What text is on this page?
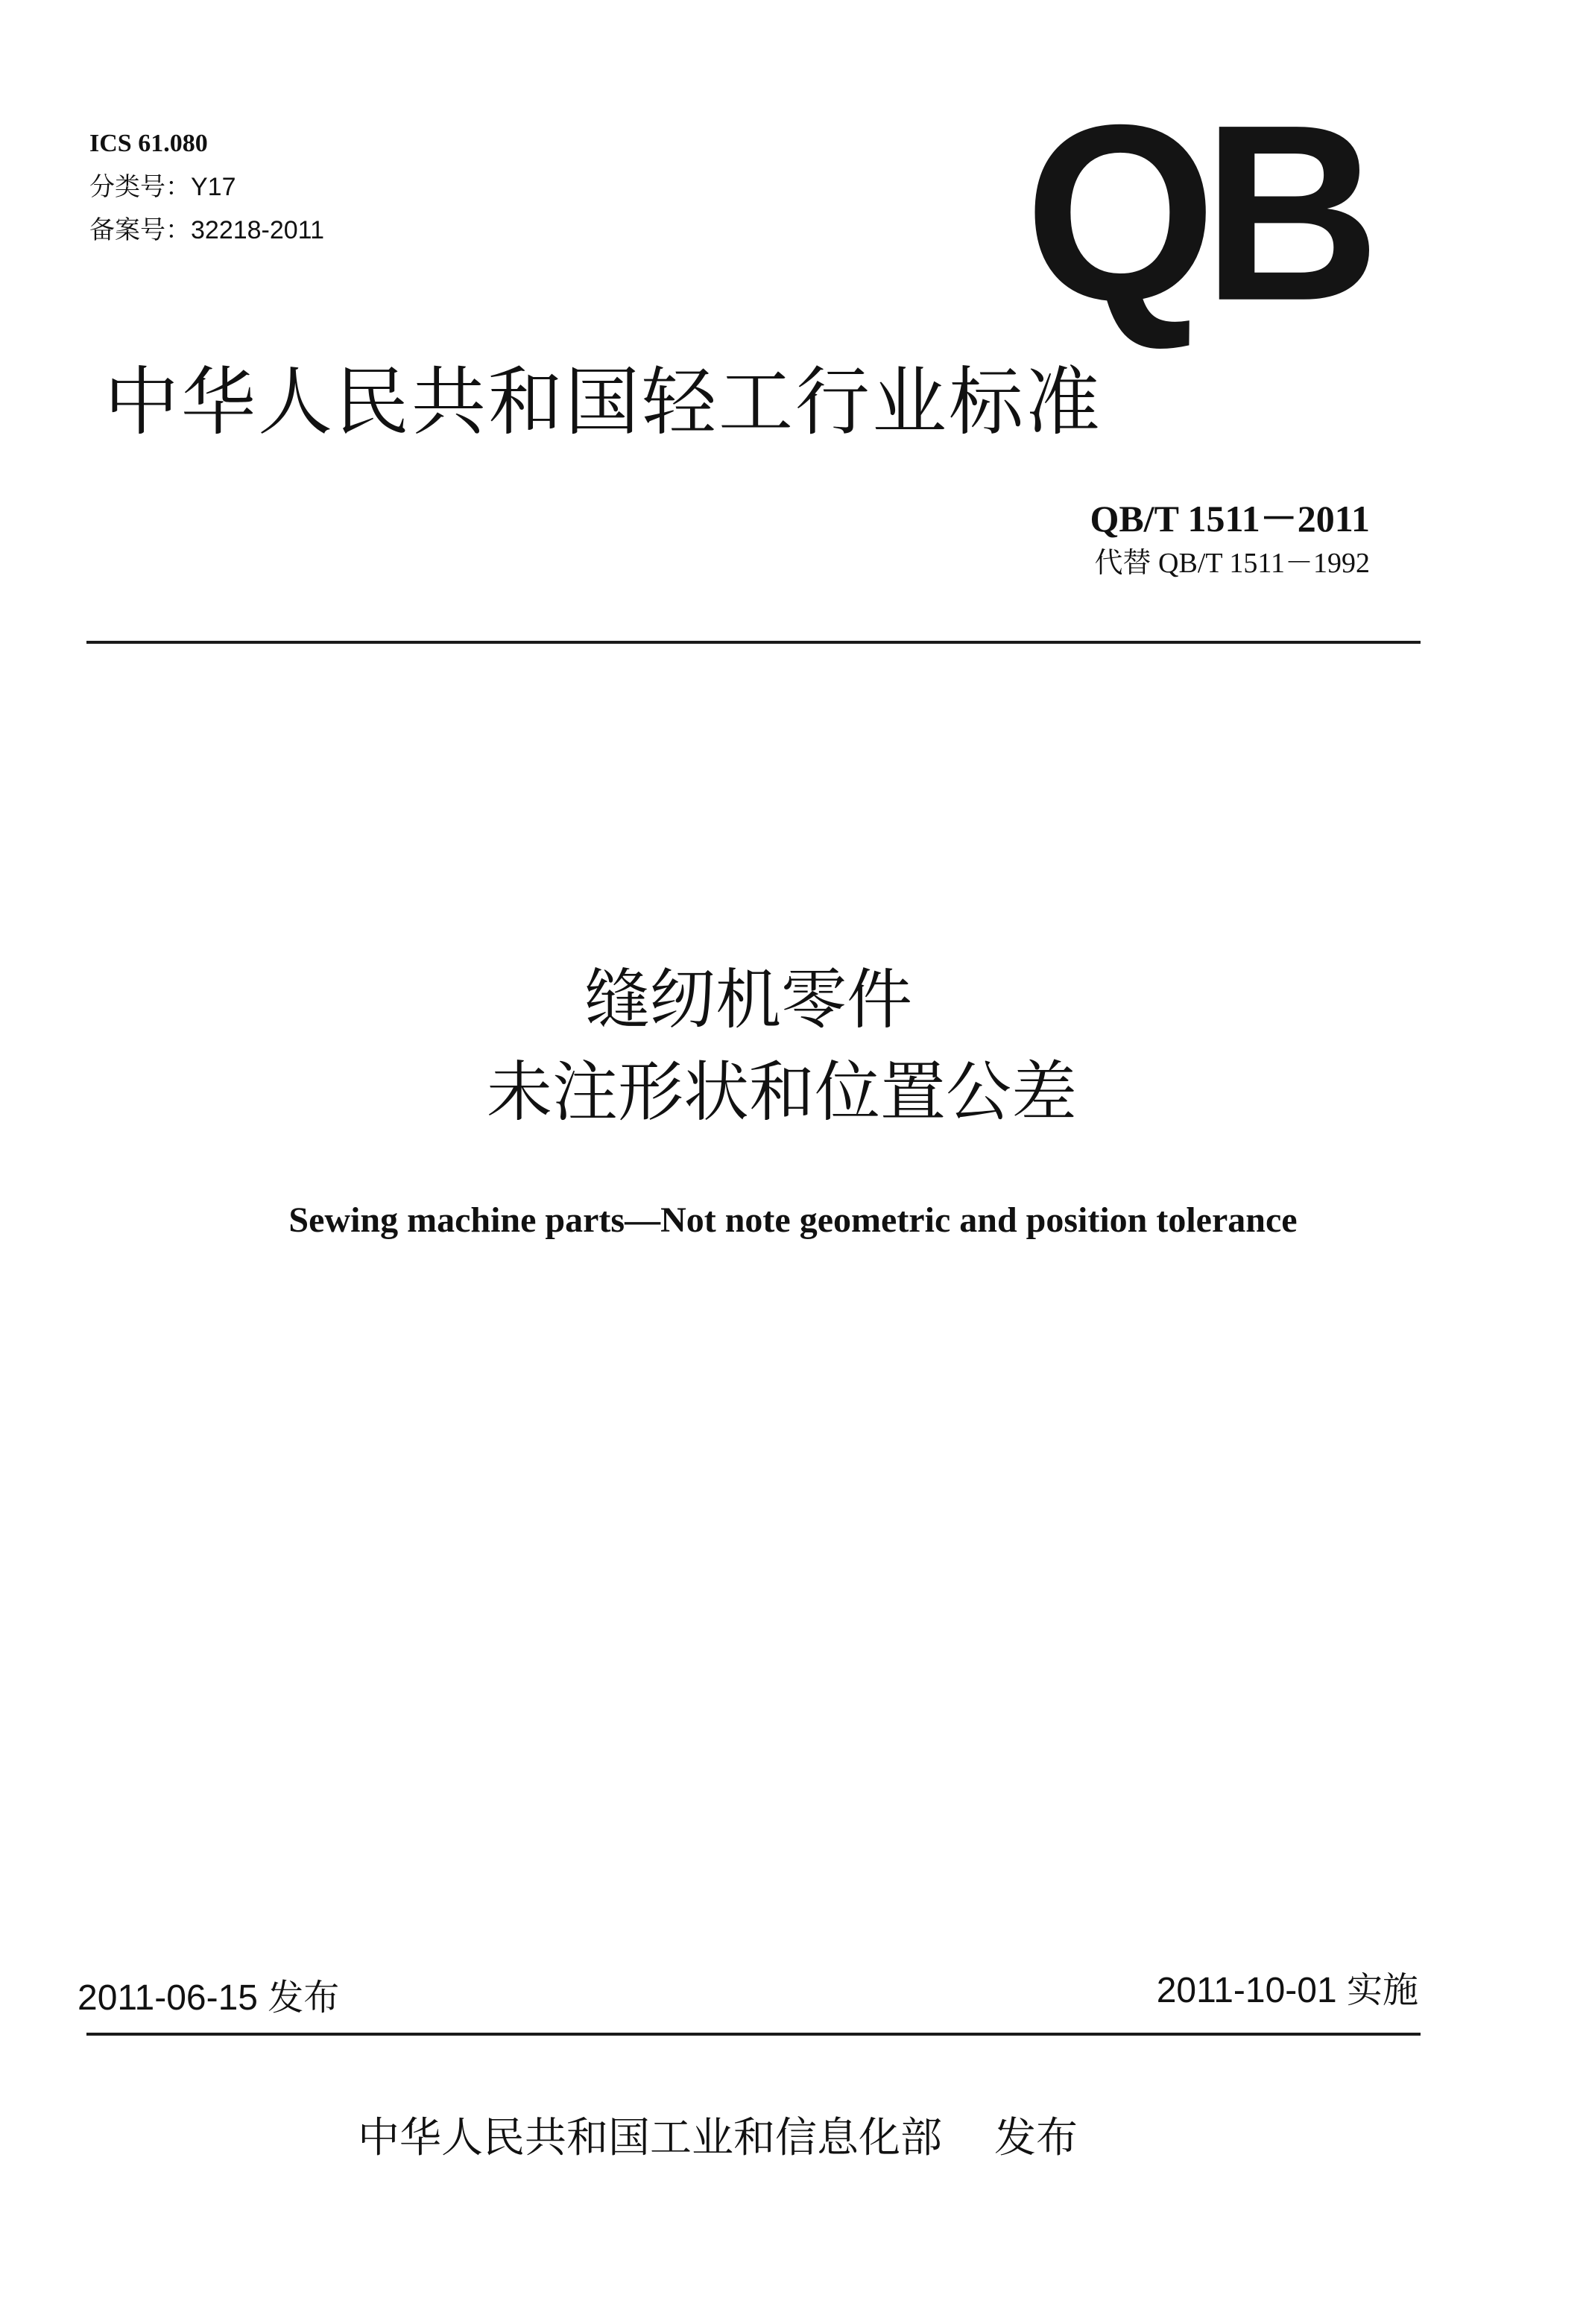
ICS 61.080
分类号：Y17
备案号：32218-2011	QB
中华人民共和国轻工行业标准
QB/T 1511－2011
代替 QB/T 1511－1992
缝纫机零件
未注形状和位置公差
Sewing machine parts—Not note geometric and position tolerance
2011-06-15 发布	2011-10-01 实施
中华人民共和国工业和信息化部 发布
